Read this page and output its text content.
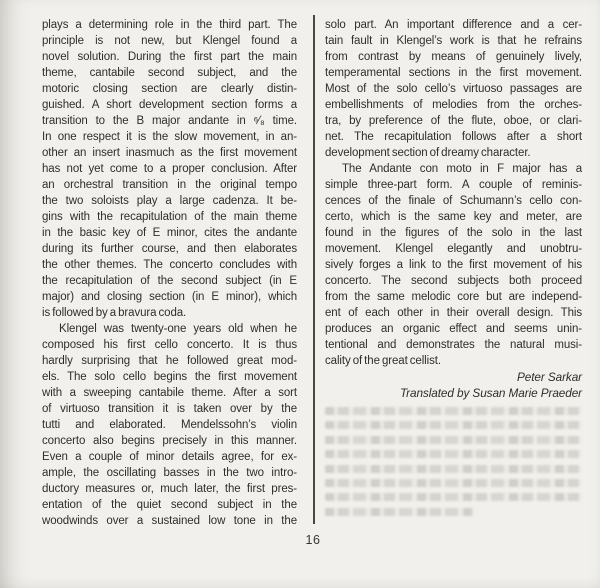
plays a determining role in the third part. The
principle is not new, but Klengel found a
novel solution. During the first part the main
theme, cantabile second subject, and the
motoric closing section are clearly distin-
guished. A short development section forms a
transition to the B major andante in ⁶⁄₈ time.
In one respect it is the slow movement, in an-
other an insert inasmuch as the first movement
has not yet come to a proper conclusion. After
an orchestral transition in the original tempo
the two soloists play a large cadenza. It be-
gins with the recapitulation of the main theme
in the basic key of E minor, cites the andante
during its further course, and then elaborates
the other themes. The concerto concludes with
the recapitulation of the second subject (in E
major) and closing section (in E minor), which
is followed by a bravura coda.
Klengel was twenty-one years old when he
composed his first cello concerto. It is thus
hardly surprising that he followed great mod-
els. The solo cello begins the first movement
with a sweeping cantabile theme. After a sort
of virtuoso transition it is taken over by the
tutti and elaborated. Mendelssohn’s violin
concerto also begins precisely in this manner.
Even a couple of minor details agree, for ex-
ample, the oscillating basses in the two intro-
ductory measures or, much later, the first pres-
entation of the quiet second subject in the
woodwinds over a sustained low tone in the
solo part. An important difference and a cer-
tain fault in Klengel’s work is that he refrains
from contrast by means of genuinely lively,
temperamental sections in the first movement.
Most of the solo cello’s virtuoso passages are
embellishments of melodies from the orches-
tra, by preference of the flute, oboe, or clari-
net. The recapitulation follows after a short
development section of dreamy character.
The Andante con moto in F major has a
simple three-part form. A couple of reminis-
cences of the finale of Schumann’s cello con-
certo, which is the same key and meter, are
found in the figures of the solo in the last
movement. Klengel elegantly and unobtru-
sively forges a link to the first movement of his
concerto. The second subjects both proceed
from the same melodic core but are independ-
ent of each other in their overall design. This
produces an organic effect and seems unin-
tentional and demonstrates the natural musi-
cality of the great cellist.
Peter Sarkar
Translated by Susan Marie Praeder
16
